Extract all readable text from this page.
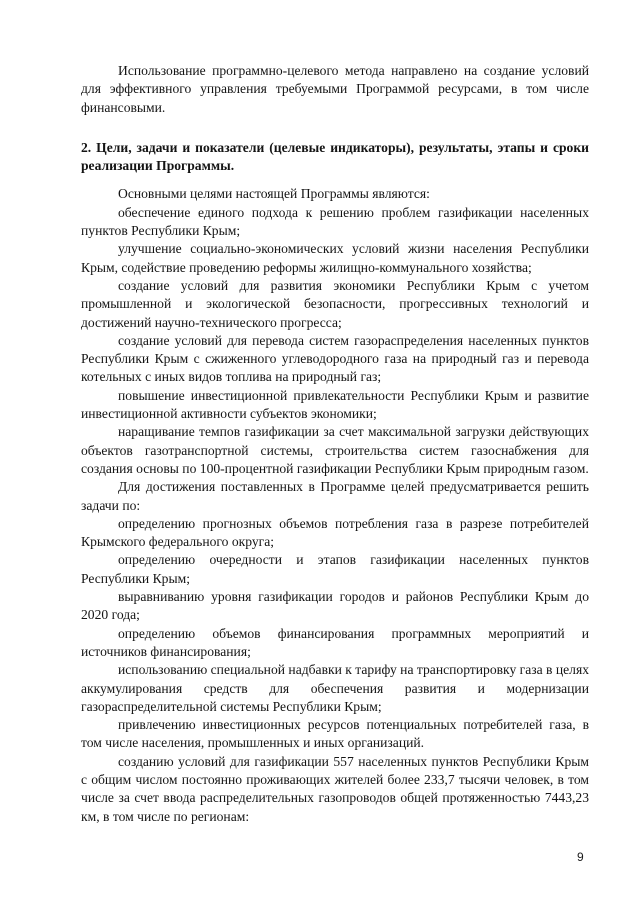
Использование программно-целевого метода направлено на создание условий для эффективного управления требуемыми Программой ресурсами, в том числе финансовыми.

2. Цели, задачи и показатели (целевые индикаторы), результаты, этапы и сроки реализации Программы.

Основными целями настоящей Программы являются:

обеспечение единого подхода к решению проблем газификации населенных пунктов Республики Крым;

улучшение социально-экономических условий жизни населения Республики Крым, содействие проведению реформы жилищно-коммунального хозяйства;

создание условий для развития экономики Республики Крым с учетом промышленной и экологической безопасности, прогрессивных технологий и достижений научно-технического прогресса;

создание условий для перевода систем газораспределения населенных пунктов Республики Крым с сжиженного углеводородного газа на природный газ и перевода котельных с иных видов топлива на природный газ;

повышение инвестиционной привлекательности Республики Крым и развитие инвестиционной активности субъектов экономики;

наращивание темпов газификации за счет максимальной загрузки действующих объектов газотранспортной системы, строительства систем газоснабжения для создания основы по 100-процентной газификации Республики Крым природным газом.

Для достижения поставленных в Программе целей предусматривается решить задачи по:

определению прогнозных объемов потребления газа в разрезе потребителей Крымского федерального округа;

определению очередности и этапов газификации населенных пунктов Республики Крым;

выравниванию уровня газификации городов и районов Республики Крым до 2020 года;

определению объемов финансирования программных мероприятий и источников финансирования;

использованию специальной надбавки к тарифу на транспортировку газа в целях аккумулирования средств для обеспечения развития и модернизации газораспределительной системы Республики Крым;

привлечению инвестиционных ресурсов потенциальных потребителей газа, в том числе населения, промышленных и иных организаций.

созданию условий для газификации 557 населенных пунктов Республики Крым с общим числом постоянно проживающих жителей более 233,7 тысячи человек, в том числе за счет ввода распределительных газопроводов общей протяженностью 7443,23 км, в том числе по регионам:

9
